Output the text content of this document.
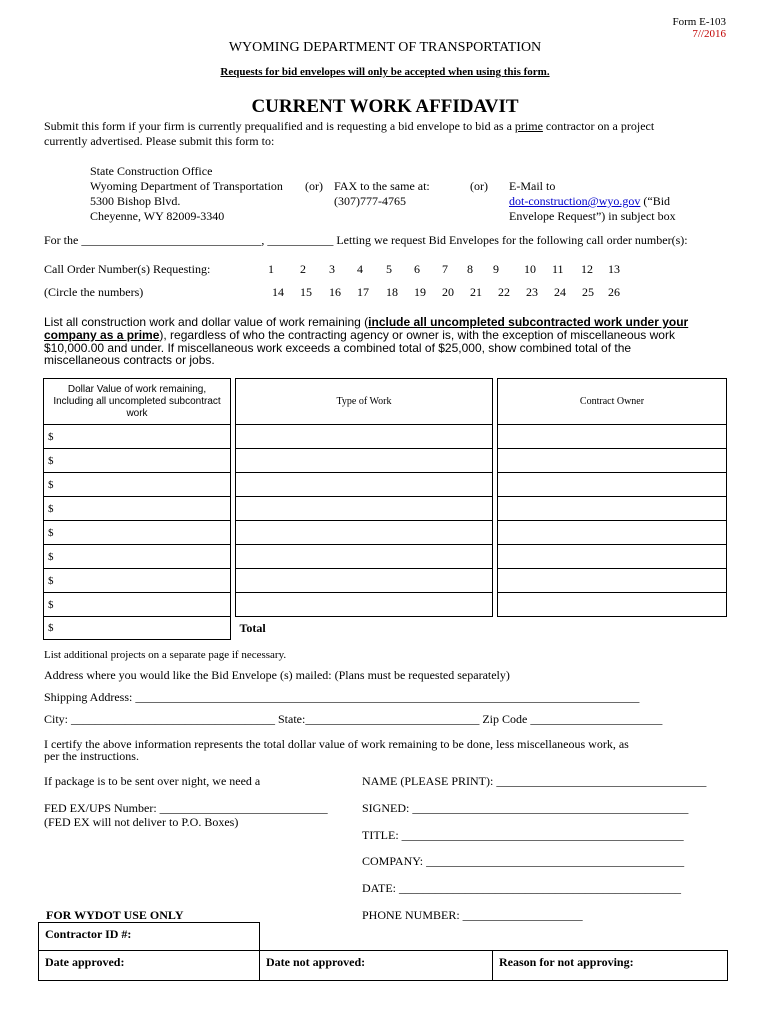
Form E-103
7//2016
WYOMING DEPARTMENT OF TRANSPORTATION
Requests for bid envelopes will only be accepted when using this form.
CURRENT WORK AFFIDAVIT
Submit this form if your firm is currently prequalified and is requesting a bid envelope to bid as a prime contractor on a project
currently advertised. Please submit this form to:
State Construction Office
Wyoming Department of Transportation
5300 Bishop Blvd.
Cheyenne, WY 82009-3340
(or) FAX to the same at:
(307)777-4765
(or) E-Mail to
dot-construction@wyo.gov (“Bid
Envelope Request”) in subject box
For the ______________________________, ___________ Letting we request Bid Envelopes for the following call order number(s):
Call Order Number(s) Requesting:
(Circle the numbers)
1 2 3 4 5 6 7 8 9 10 11 12 13
14 15 16 17 18 19 20 21 22 23 24 25 26
List all construction work and dollar value of work remaining (include all uncompleted subcontracted work under your
company as a prime), regardless of who the contracting agency or owner is, with the exception of miscellaneous work
$10,000.00 and under. If miscellaneous work exceeds a combined total of $25,000, show combined total of the
miscellaneous contracts or jobs.
Dollar Value of work remaining, Including all uncompleted subcontract work		Type of Work		Contract Owner
$				
$				
$				
$				
$				
$				
$				
$				
$		Total		
List additional projects on a separate page if necessary.
Address where you would like the Bid Envelope (s) mailed: (Plans must be requested separately)
Shipping Address: ____________________________________________________________________________________
City: __________________________________ State:_____________________________ Zip Code ______________________
I certify the above information represents the total dollar value of work remaining to be done, less miscellaneous work, as
per the instructions.
If package is to be sent over night, we need a
FED EX/UPS Number: ____________________________
(FED EX will not deliver to P.O. Boxes)
NAME (PLEASE PRINT): ___________________________________
SIGNED: ______________________________________________
TITLE: _______________________________________________
COMPANY: ___________________________________________
DATE: _______________________________________________
PHONE NUMBER: ____________________
FOR WYDOT USE ONLY
Contractor ID #:		
Date approved:	Date not approved:	Reason for not approving:
